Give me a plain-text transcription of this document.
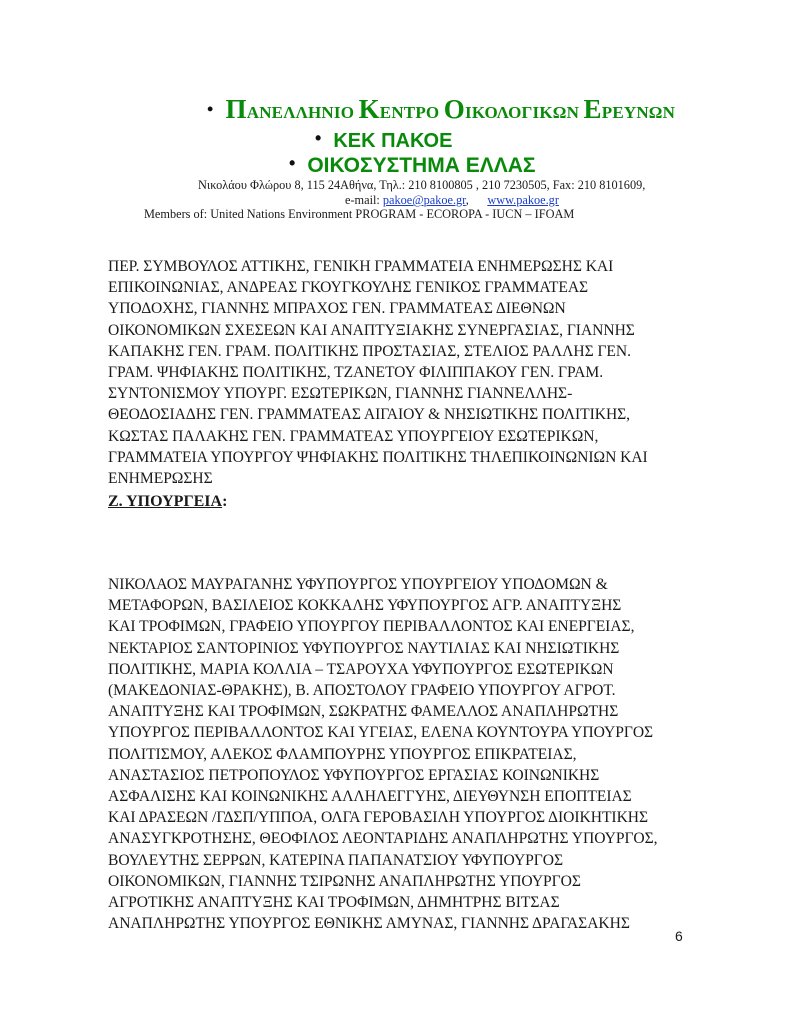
• ΠΑΝΕΛΛΗΝΙΟ ΚΕΝΤΡΟ ΟΙΚΟΛΟΓΙΚΩΝ ΕΡΕΥΝΩΝ
• ΚΕΚ ΠΑΚΟΕ
• ΟΙΚΟΣΥΣΤΗΜΑ ΕΛΛΑΣ
Νικολάου Φλώρου 8, 115 24Αθήνα, Τηλ.: 210 8100805 , 210 7230505, Fax: 210 8101609,
e-mail: pakoe@pakoe.gr, www.pakoe.gr
Members of: United Nations Environment PROGRAM - ECOROPA - IUCN – IFOAM
ΠΕΡ. ΣΥΜΒΟΥΛΟΣ ΑΤΤΙΚΗΣ, ΓΕΝΙΚΗ ΓΡΑΜΜΑΤΕΙΑ ΕΝΗΜΕΡΩΣΗΣ ΚΑΙ
ΕΠΙΚΟΙΝΩΝΙΑΣ, ΑΝΔΡΕΑΣ ΓΚΟΥΓΚΟΥΛΗΣ ΓΕΝΙΚΟΣ ΓΡΑΜΜΑΤΕΑΣ
ΥΠΟΔΟΧΗΣ, ΓΙΑΝΝΗΣ ΜΠΡΑΧΟΣ ΓΕΝ. ΓΡΑΜΜΑΤΕΑΣ ΔΙΕΘΝΩΝ
ΟΙΚΟΝΟΜΙΚΩΝ ΣΧΕΣΕΩΝ ΚΑΙ ΑΝΑΠΤΥΞΙΑΚΗΣ ΣΥΝΕΡΓΑΣΙΑΣ, ΓΙΑΝΝΗΣ
ΚΑΠΑΚΗΣ ΓΕΝ. ΓΡΑΜ. ΠΟΛΙΤΙΚΗΣ ΠΡΟΣΤΑΣΙΑΣ, ΣΤΕΛΙΟΣ ΡΑΛΛΗΣ ΓΕΝ.
ΓΡΑΜ. ΨΗΦΙΑΚΗΣ ΠΟΛΙΤΙΚΗΣ, ΤΖΑΝΕΤΟΥ ΦΙΛΙΠΠΑΚΟΥ ΓΕΝ. ΓΡΑΜ.
ΣΥΝΤΟΝΙΣΜΟΥ ΥΠΟΥΡΓ. ΕΣΩΤΕΡΙΚΩΝ, ΓΙΑΝΝΗΣ ΓΙΑΝΝΕΛΛΗΣ-
ΘΕΟΔΟΣΙΑΔΗΣ ΓΕΝ. ΓΡΑΜΜΑΤΕΑΣ ΑΙΓΑΙΟΥ & ΝΗΣΙΩΤΙΚΗΣ ΠΟΛΙΤΙΚΗΣ,
ΚΩΣΤΑΣ ΠΑΛΑΚΗΣ ΓΕΝ. ΓΡΑΜΜΑΤΕΑΣ ΥΠΟΥΡΓΕΙΟΥ ΕΣΩΤΕΡΙΚΩΝ,
ΓΡΑΜΜΑΤΕΙΑ ΥΠΟΥΡΓΟΥ ΨΗΦΙΑΚΗΣ ΠΟΛΙΤΙΚΗΣ ΤΗΛΕΠΙΚΟΙΝΩΝΙΩΝ ΚΑΙ
ΕΝΗΜΕΡΩΣΗΣ
Ζ. ΥΠΟΥΡΓΕΙΑ:
ΝΙΚΟΛΑΟΣ ΜΑΥΡΑΓΑΝΗΣ ΥΦΥΠΟΥΡΓΟΣ ΥΠΟΥΡΓΕΙΟΥ ΥΠΟΔΟΜΩΝ &
ΜΕΤΑΦΟΡΩΝ, ΒΑΣΙΛΕΙΟΣ ΚΟΚΚΑΛΗΣ ΥΦΥΠΟΥΡΓΟΣ ΑΓΡ. ΑΝΑΠΤΥΞΗΣ
ΚΑΙ ΤΡΟΦΙΜΩΝ, ΓΡΑΦΕΙΟ ΥΠΟΥΡΓΟΥ ΠΕΡΙΒΑΛΛΟΝΤΟΣ ΚΑΙ ΕΝΕΡΓΕΙΑΣ,
ΝΕΚΤΑΡΙΟΣ ΣΑΝΤΟΡΙΝΙΟΣ ΥΦΥΠΟΥΡΓΟΣ ΝΑΥΤΙΛΙΑΣ ΚΑΙ ΝΗΣΙΩΤΙΚΗΣ
ΠΟΛΙΤΙΚΗΣ, ΜΑΡΙΑ ΚΟΛΛΙΑ – ΤΣΑΡΟΥΧΑ ΥΦΥΠΟΥΡΓΟΣ ΕΣΩΤΕΡΙΚΩΝ
(ΜΑΚΕΔΟΝΙΑΣ-ΘΡΑΚΗΣ), Β. ΑΠΟΣΤΟΛΟΥ ΓΡΑΦΕΙΟ ΥΠΟΥΡΓΟΥ ΑΓΡΟΤ.
ΑΝΑΠΤΥΞΗΣ ΚΑΙ ΤΡΟΦΙΜΩΝ, ΣΩΚΡΑΤΗΣ ΦΑΜΕΛΛΟΣ ΑΝΑΠΛΗΡΩΤΗΣ
ΥΠΟΥΡΓΟΣ ΠΕΡΙΒΑΛΛΟΝΤΟΣ ΚΑΙ ΥΓΕΙΑΣ, ΕΛΕΝΑ ΚΟΥΝΤΟΥΡΑ ΥΠΟΥΡΓΟΣ
ΠΟΛΙΤΙΣΜΟΥ, ΑΛΕΚΟΣ ΦΛΑΜΠΟΥΡΗΣ ΥΠΟΥΡΓΟΣ ΕΠΙΚΡΑΤΕΙΑΣ,
ΑΝΑΣΤΑΣΙΟΣ ΠΕΤΡΟΠΟΥΛΟΣ ΥΦΥΠΟΥΡΓΟΣ ΕΡΓΑΣΙΑΣ ΚΟΙΝΩΝΙΚΗΣ
ΑΣΦΑΛΙΣΗΣ ΚΑΙ ΚΟΙΝΩΝΙΚΗΣ ΑΛΛΗΛΕΓΓΥΗΣ, ΔΙΕΥΘΥΝΣΗ ΕΠΟΠΤΕΙΑΣ
ΚΑΙ ΔΡΑΣΕΩΝ /ΓΔΣΠ/ΥΠΠΟΑ, ΟΛΓΑ ΓΕΡΟΒΑΣΙΛΗ ΥΠΟΥΡΓΟΣ ΔΙΟΙΚΗΤΙΚΗΣ
ΑΝΑΣΥΓΚΡΟΤΗΣΗΣ, ΘΕΟΦΙΛΟΣ ΛΕΟΝΤΑΡΙΔΗΣ ΑΝΑΠΛΗΡΩΤΗΣ ΥΠΟΥΡΓΟΣ,
ΒΟΥΛΕΥΤΗΣ ΣΕΡΡΩΝ, ΚΑΤΕΡΙΝΑ ΠΑΠΑΝΑΤΣΙΟΥ ΥΦΥΠΟΥΡΓΟΣ
ΟΙΚΟΝΟΜΙΚΩΝ, ΓΙΑΝΝΗΣ ΤΣΙΡΩΝΗΣ ΑΝΑΠΛΗΡΩΤΗΣ ΥΠΟΥΡΓΟΣ
ΑΓΡΟΤΙΚΗΣ ΑΝΑΠΤΥΞΗΣ ΚΑΙ ΤΡΟΦΙΜΩΝ, ΔΗΜΗΤΡΗΣ ΒΙΤΣΑΣ
ΑΝΑΠΛΗΡΩΤΗΣ ΥΠΟΥΡΓΟΣ ΕΘΝΙΚΗΣ ΑΜΥΝΑΣ, ΓΙΑΝΝΗΣ ΔΡΑΓΑΣΑΚΗΣ
6
